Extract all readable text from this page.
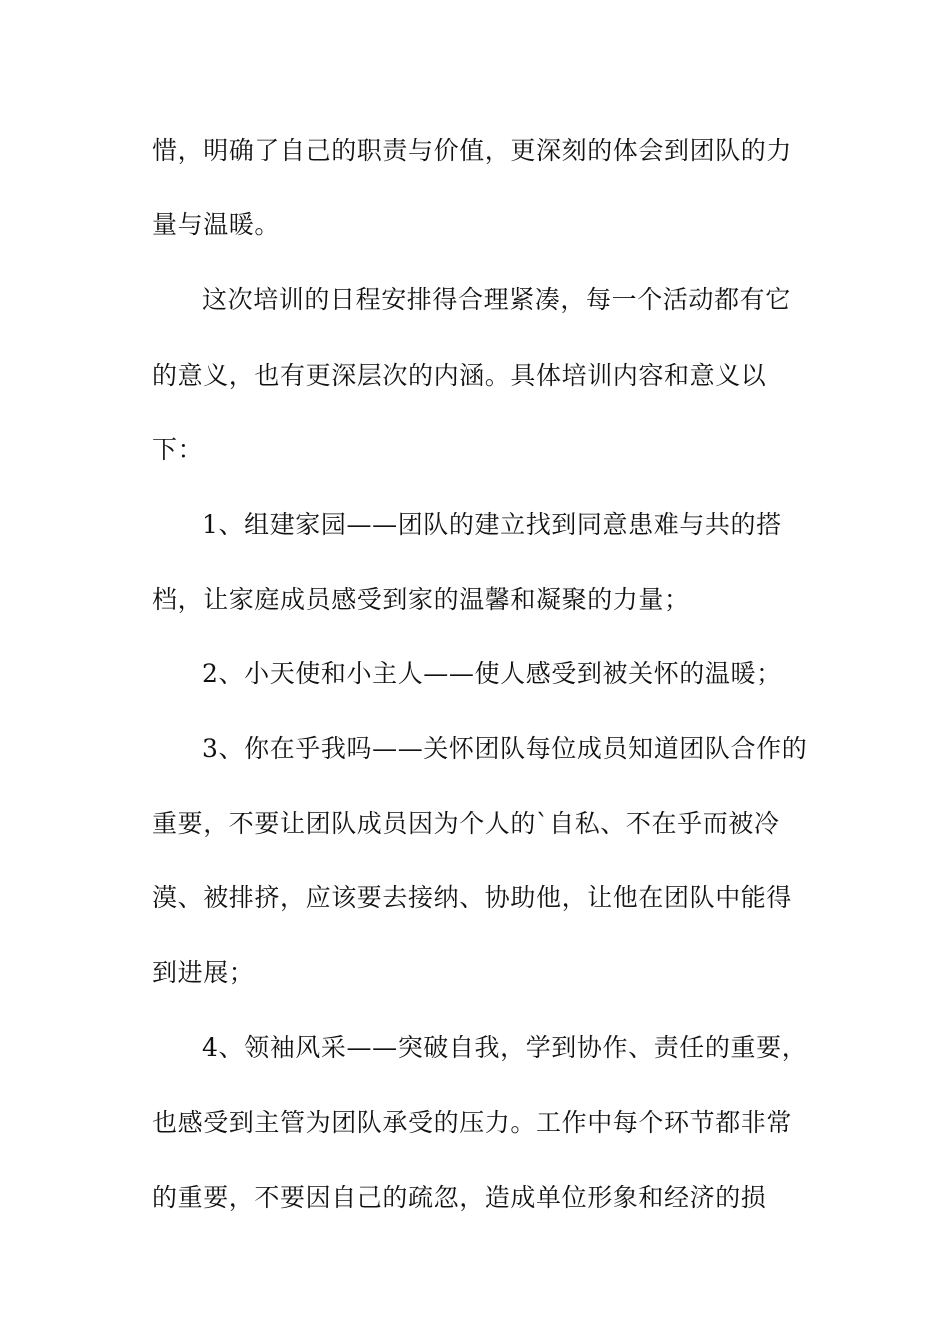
惜，明确了自己的职责与价值，更深刻的体会到团队的力
量与温暖。
这次培训的日程安排得合理紧凑，每一个活动都有它
的意义，也有更深层次的内涵。具体培训内容和意义以
下：
1、组建家园——团队的建立找到同意患难与共的搭
档，让家庭成员感受到家的温馨和凝聚的力量；
2、小天使和小主人——使人感受到被关怀的温暖；
3、你在乎我吗——关怀团队每位成员知道团队合作的
重要，不要让团队成员因为个人的`自私、不在乎而被冷
漠、被排挤，应该要去接纳、协助他，让他在团队中能得
到进展；
4、领袖风采——突破自我，学到协作、责任的重要，
也感受到主管为团队承受的压力。工作中每个环节都非常
的重要，不要因自己的疏忽，造成单位形象和经济的损
